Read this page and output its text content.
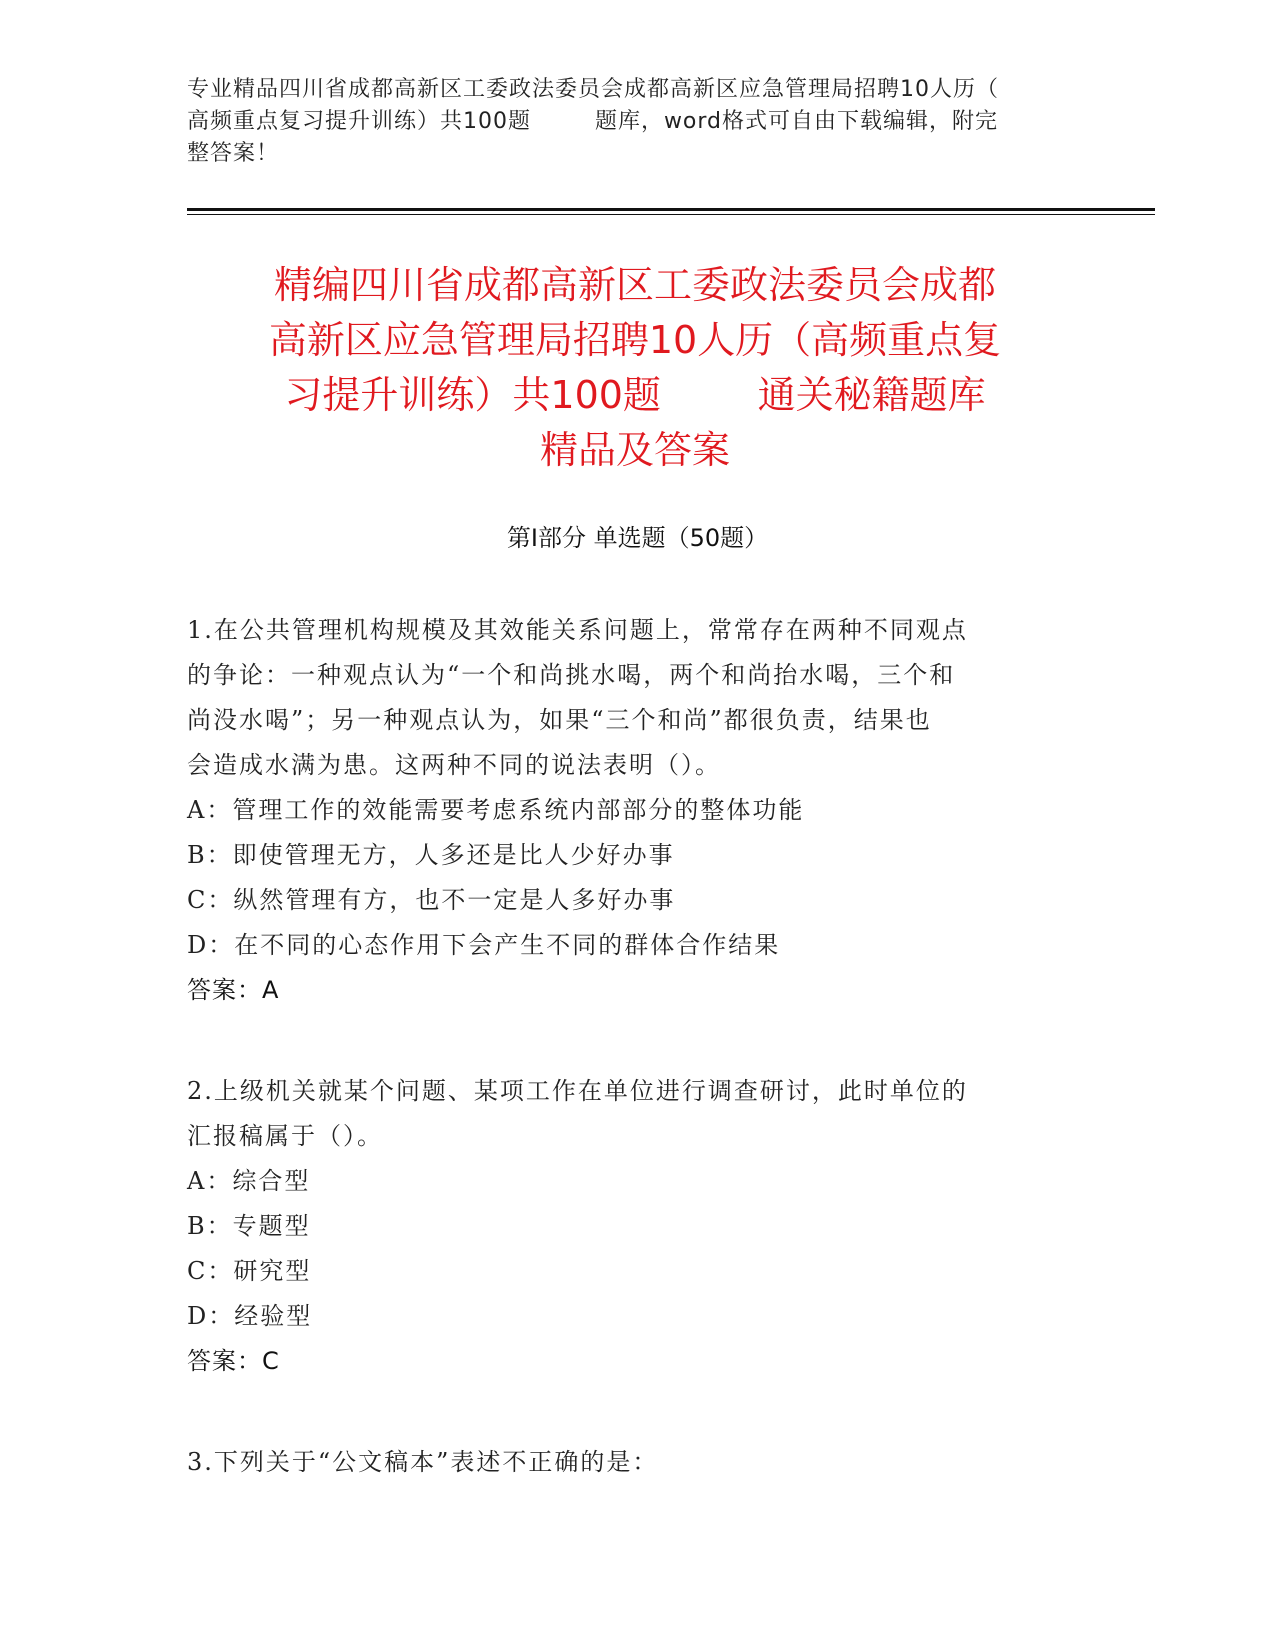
专业精品四川省成都高新区工委政法委员会成都高新区应急管理局招聘10人历（
高频重点复习提升训练）共100题        题库，word格式可自由下载编辑，附完
整答案！
精编四川省成都高新区工委政法委员会成都
高新区应急管理局招聘10人历（高频重点复
习提升训练）共100题        通关秘籍题库
精品及答案
第Ⅰ部分 单选题（50题）
1.在公共管理机构规模及其效能关系问题上，常常存在两种不同观点
的争论：一种观点认为“一个和尚挑水喝，两个和尚抬水喝，三个和
尚没水喝”；另一种观点认为，如果“三个和尚”都很负责，结果也
会造成水满为患。这两种不同的说法表明（）。
A：管理工作的效能需要考虑系统内部部分的整体功能
B：即使管理无方，人多还是比人少好办事
C：纵然管理有方，也不一定是人多好办事
D：在不同的心态作用下会产生不同的群体合作结果
答案：A
2.上级机关就某个问题、某项工作在单位进行调查研讨，此时单位的
汇报稿属于（）。
A：综合型
B：专题型
C：研究型
D：经验型
答案：C
3.下列关于“公文稿本”表述不正确的是：
